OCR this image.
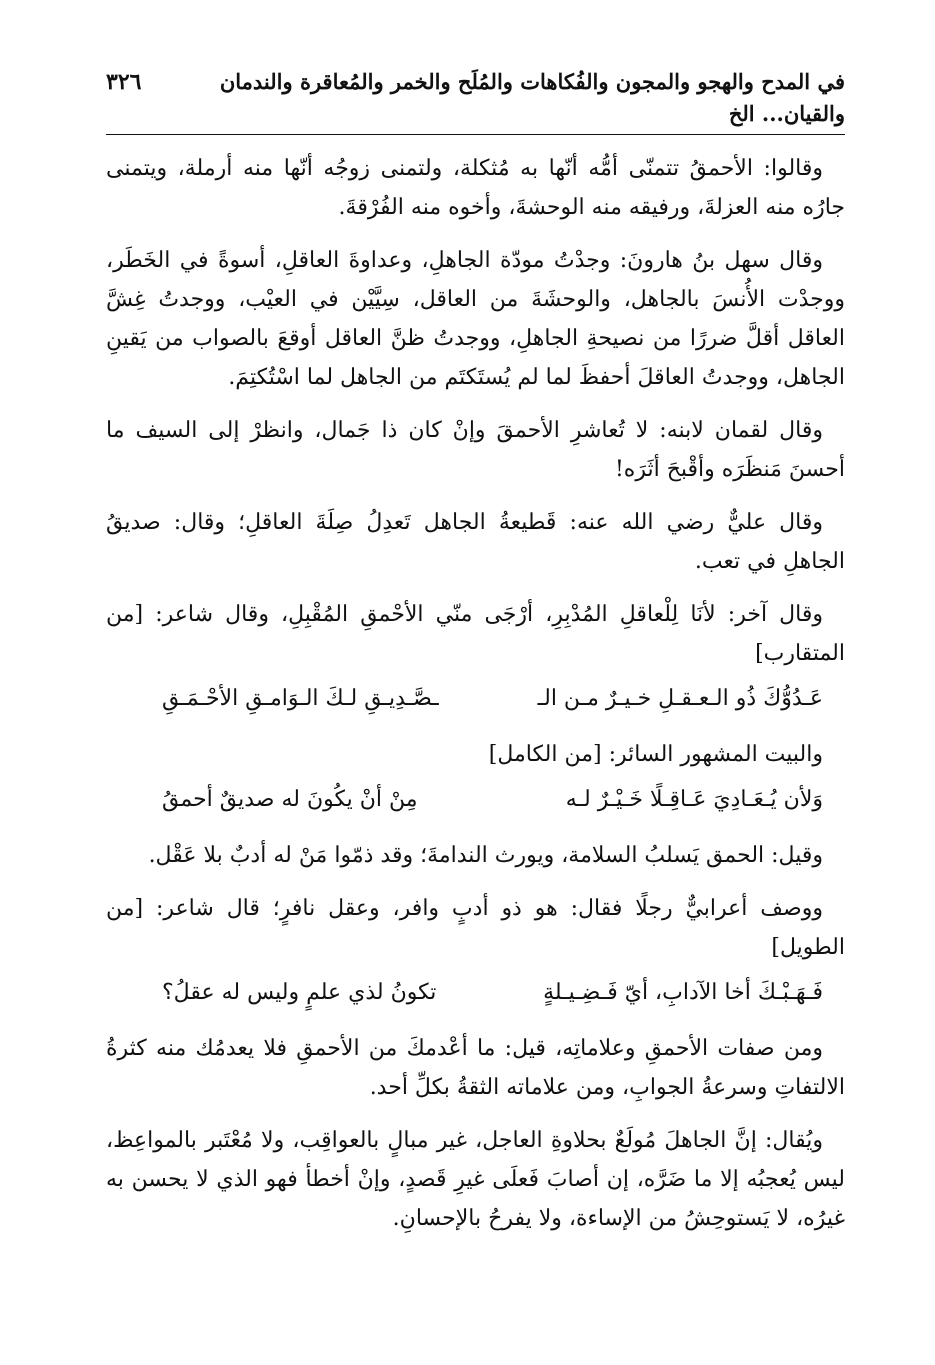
في المدح والهجو والمجون والفُكاهات والمُلَح والخمر والمُعاقرة والندمان والقيان... الخ
٣٢٦

وقالوا: الأحمقُ تتمنّى أمُّه أنّها به مُثكلة، ولتمنى زوجُه أنّها منه أرملة، ويتمنى جارُه منه العزلةَ، ورفيقه منه الوحشةَ، وأخوه منه الفُرْقةَ.

وقال سهل بنُ هارونَ: وجدْتُ مودّة الجاهلِ، وعداوةَ العاقلِ، أسوةً في الخَطَر، ووجدْت الأُنسَ بالجاهل، والوحشَةَ من العاقل، سِيَّيْن في العيْب، ووجدتُ غِشَّ العاقل أقلَّ ضررًا من نصيحةِ الجاهلِ، ووجدتُ ظنَّ العاقل أوقعَ بالصواب من يَقينِ الجاهل، ووجدتُ العاقلَ أحفظَ لما لم يُستَكتَم من الجاهل لما اسْتُكتِمَ.

وقال لقمان لابنه: لا تُعاشرِ الأحمقَ وإنْ كان ذا جَمال، وانظرْ إلى السيف ما أحسنَ مَنظَرَه وأقْبحَ أثَرَه!

وقال عليٌّ رضي الله عنه: قَطيعةُ الجاهل تَعدِلُ صِلَةَ العاقلِ؛ وقال: صديقُ الجاهلِ في تعب.

وقال آخر: لأنَا لِلْعاقلِ المُدْبِرِ، أرْجَى منّي الأحْمقِ المُقْبِلِ، وقال شاعر: [من المتقارب]

عَـدُوُّكَ ذُو الـعـقـلِ خـيـرٌ مـن الـ
ـصَّـدِيـقِ لـكَ الـوَامـقِ الأحْـمَـقِ

والبيت المشهور السائر: [من الكامل]

وَلأن يُـعَـادِيَ عَـاقِـلًا خَـيْـرٌ لـه
مِنْ أنْ يكُونَ له صديقٌ أحمقُ

وقيل: الحمق يَسلبُ السلامة، ويورث الندامةَ؛ وقد ذمّوا مَنْ له أدبٌ بلا عَقْل.

ووصف أعرابيٌّ رجلًا فقال: هو ذو أدبٍ وافر، وعقل نافرٍ؛ قال شاعر: [من الطويل]

فَـهَـبْـكَ أخا الآدابِ، أيّ فَـضِـيـلةٍ
تكونُ لذي علمٍ وليس له عقلُ؟

ومن صفات الأحمقِ وعلاماتِه، قيل: ما أعْدمكَ من الأحمقِ فلا يعدمُك منه كثرةُ الالتفاتِ وسرعةُ الجوابِ، ومن علاماته الثقةُ بكلِّ أحد.

ويُقال: إنَّ الجاهلَ مُولَعٌ بحلاوةِ العاجل، غير مبالٍ بالعواقِب، ولا مُعْتَبر بالمواعِظ، ليس يُعجبُه إلا ما ضَرَّه، إن أصابَ فَعلَى غيرِ قَصدٍ، وإنْ أخطأ فهو الذي لا يحسن به غيرُه، لا يَستوحِشُ من الإساءة، ولا يفرحُ بالإحسانِ.
